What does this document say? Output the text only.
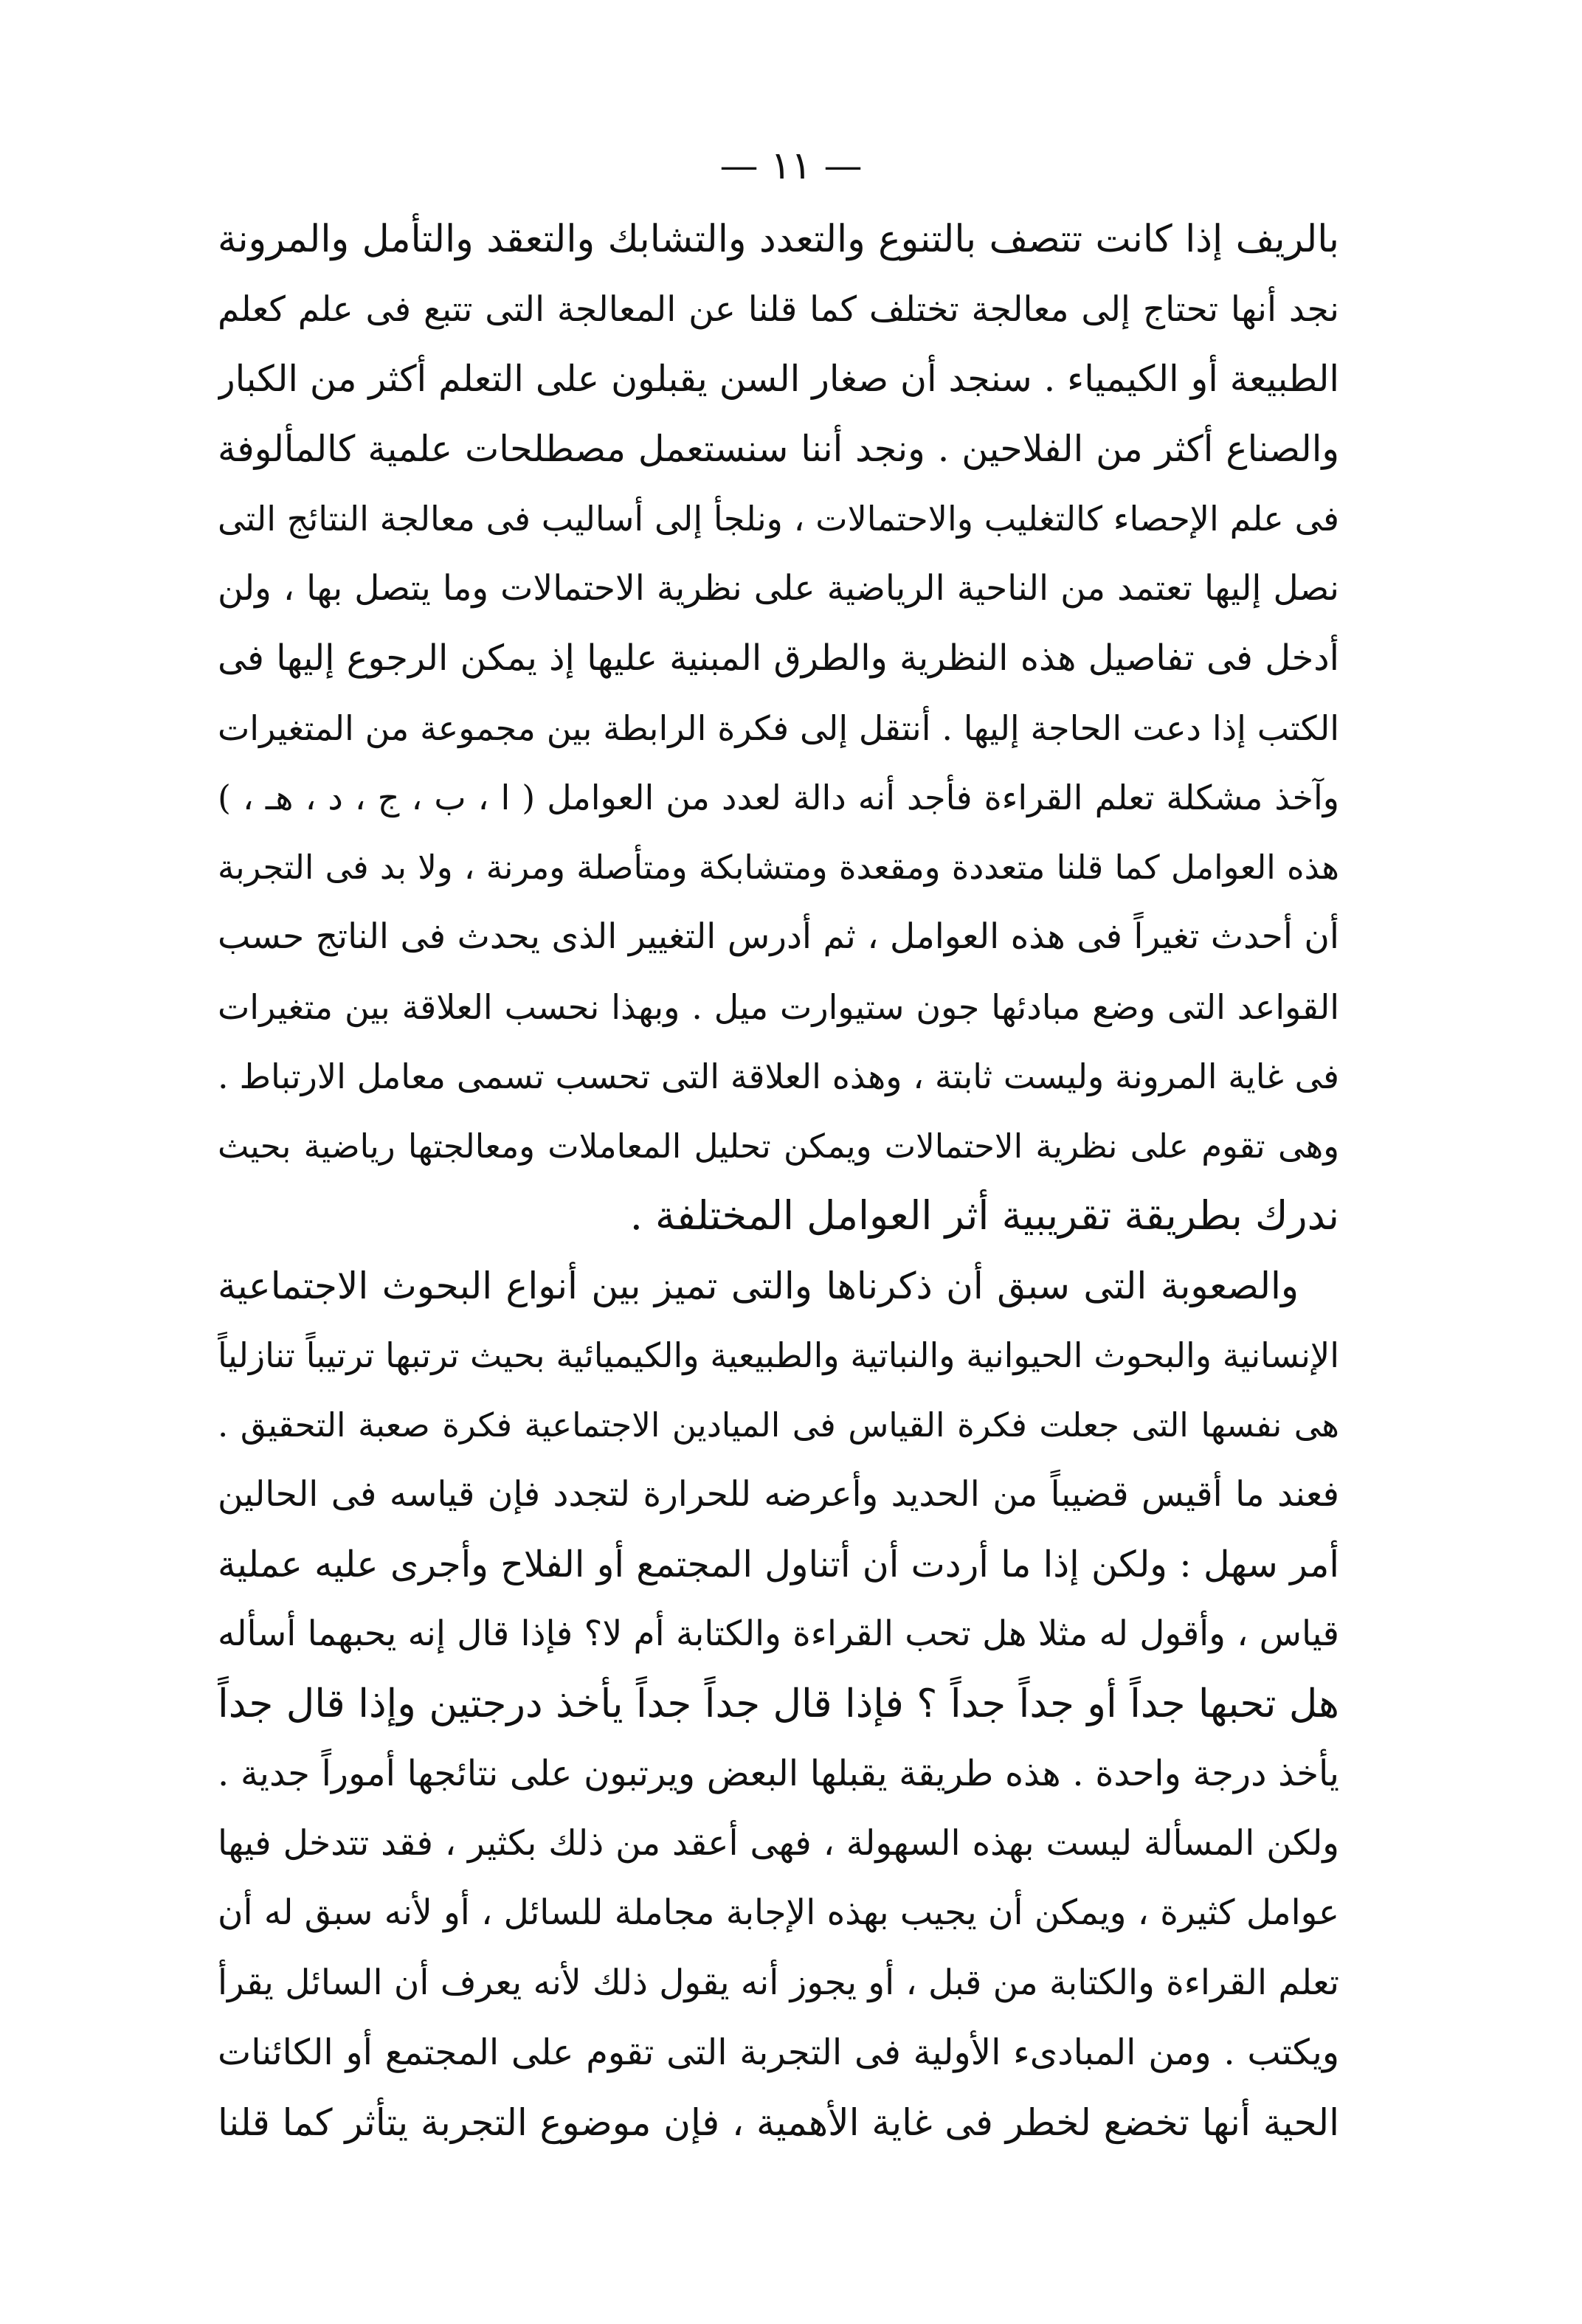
— ١١ —
بالريف إذا كانت تتصف بالتنوع والتعدد والتشابك والتعقد والتأمل والمرونة
نجد أنها تحتاج إلى معالجة تختلف كما قلنا عن المعالجة التى تتبع فى علم كعلم
الطبيعة أو الكيمياء . سنجد أن صغار السن يقبلون على التعلم أكثر من الكبار
والصناع أكثر من الفلاحين . ونجد أننا سنستعمل مصطلحات علمية كالمألوفة
فى علم الإحصاء كالتغليب والاحتمالات ، ونلجأ إلى أساليب فى معالجة النتائج التى
نصل إليها تعتمد من الناحية الرياضية على نظرية الاحتمالات وما يتصل بها ، ولن
أدخل فى تفاصيل هذه النظرية والطرق المبنية عليها إذ يمكن الرجوع إليها فى
الكتب إذا دعت الحاجة إليها . أنتقل إلى فكرة الرابطة بين مجموعة من المتغيرات
وآخذ مشكلة تعلم القراءة فأجد أنه دالة لعدد من العوامل ( ا ، ب ، ج ، د ، هـ ، )
هذه العوامل كما قلنا متعددة ومقعدة ومتشابكة ومتأصلة ومرنة ، ولا بد فى التجربة
أن أحدث تغيراً فى هذه العوامل ، ثم أدرس التغيير الذى يحدث فى الناتج حسب
القواعد التى وضع مبادئها جون ستيوارت ميل . وبهذا نحسب العلاقة بين متغيرات
فى غاية المرونة وليست ثابتة ، وهذه العلاقة التى تحسب تسمى معامل الارتباط .
وهى تقوم على نظرية الاحتمالات ويمكن تحليل المعاملات ومعالجتها رياضية بحيث
ندرك بطريقة تقريبية أثر العوامل المختلفة .
والصعوبة التى سبق أن ذكرناها والتى تميز بين أنواع البحوث الاجتماعية
الإنسانية والبحوث الحيوانية والنباتية والطبيعية والكيميائية بحيث ترتبها ترتيباً تنازلياً
هى نفسها التى جعلت فكرة القياس فى الميادين الاجتماعية فكرة صعبة التحقيق .
فعند ما أقيس قضيباً من الحديد وأعرضه للحرارة لتجدد فإن قياسه فى الحالين
أمر سهل : ولكن إذا ما أردت أن أتناول المجتمع أو الفلاح وأجرى عليه عملية
قياس ، وأقول له مثلا هل تحب القراءة والكتابة أم لا؟ فإذا قال إنه يحبهما أسأله
هل تحبها جداً أو جداً جداً ؟ فإذا قال جداً جداً يأخذ درجتين وإذا قال جداً
يأخذ درجة واحدة . هذه طريقة يقبلها البعض ويرتبون على نتائجها أموراً جدية .
ولكن المسألة ليست بهذه السهولة ، فهى أعقد من ذلك بكثير ، فقد تتدخل فيها
عوامل كثيرة ، ويمكن أن يجيب بهذه الإجابة مجاملة للسائل ، أو لأنه سبق له أن
تعلم القراءة والكتابة من قبل ، أو يجوز أنه يقول ذلك لأنه يعرف أن السائل يقرأ
ويكتب . ومن المبادىء الأولية فى التجربة التى تقوم على المجتمع أو الكائنات
الحية أنها تخضع لخطر فى غاية الأهمية ، فإن موضوع التجربة يتأثر كما قلنا
